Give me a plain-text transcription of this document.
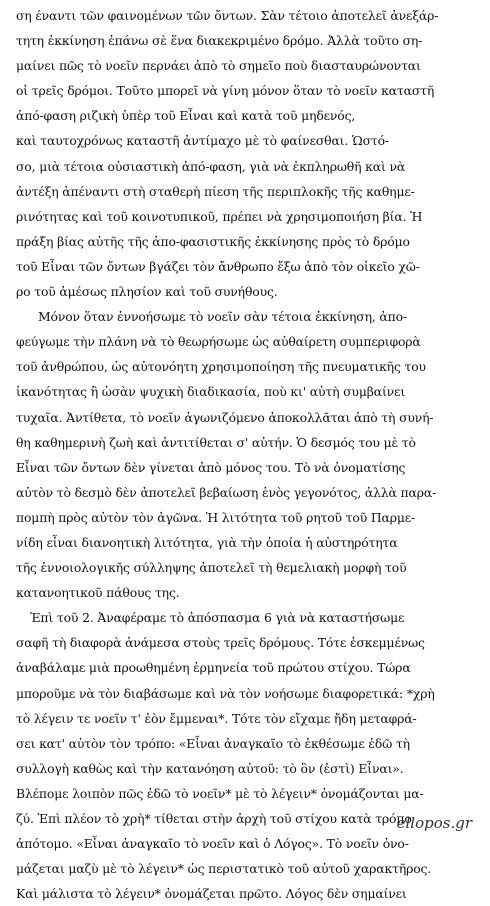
ση έναντι τῶν φαινομένων τῶν ὄντων. Σὰν τέτοιο ἀποτελεῖ ἀνεξάρ-
τητη ἐκκίνηση ἐπάνω σὲ ἕνα διακεκριμένο δρόμο. Ἀλλὰ τοῦτο ση-
μαίνει πῶς τὸ νοεῖν περνάει ἀπὸ τὸ σημεῖο ποὺ διασταυρώνονται
οἱ τρεῖς δρόμοι. Τοῦτο μπορεῖ νὰ γίνη μόνον ὅταν τὸ νοεῖν καταστῆ
ἀπό-φαση ριζικὴ ὑπὲρ τοῦ Εἶναι καὶ κατὰ τοῦ μηδενός,
καὶ ταυτοχρόνως καταστῆ ἀντίμαχο μὲ τὸ φαίνεσθαι. Ὡστό-
σο, μιὰ τέτοια οὐσιαστικὴ ἀπό-φαση, γιὰ νὰ ἐκπληρωθῆ καὶ νὰ
ἀντέξη ἀπέναντι στὴ σταθερὴ πίεση τῆς περιπλοκῆς τῆς καθημε-
ρινότητας καὶ τοῦ κοινοτυπικοῦ, πρέπει νὰ χρησιμοποιήση βία. Ἡ
πράξη βίας αὐτῆς τῆς ἀπο-φασιστικῆς ἐκκίνησης πρὸς τὸ δρόμο
τοῦ Εἶναι τῶν ὄντων βγάζει τὸν ἄνθρωπο ἔξω ἀπὸ τὸν οἰκεῖο χῶ-
ρο τοῦ ἀμέσως πλησίον καὶ τοῦ συνήθους.
Μόνον ὅταν ἐννοήσωμε τὸ νοεῖν σὰν τέτοια ἐκκίνηση, ἀπο-
φεύγωμε τὴν πλάνη νὰ τὸ θεωρήσωμε ὡς αὐθαίρετη συμπεριφορὰ
τοῦ ἀνθρώπου, ὡς αὐτονόητη χρησιμοποίηση τῆς πνευματικῆς του
ἱκανότητας ἢ ὡσὰν ψυχικὴ διαδικασία, ποὺ κι' αὐτὴ συμβαίνει
τυχαῖα. Ἀντίθετα, τὸ νοεῖν ἀγωνιζόμενο ἀποκολλᾶται ἀπὸ τὴ συνή-
θη καθημερινὴ ζωὴ καὶ ἀντιτίθεται σ' αὐτήν. Ὁ δεσμός του μὲ τὸ
Εἶναι τῶν ὄντων δὲν γίνεται ἀπὸ μόνος του. Τὸ νὰ ὀνοματίσης
αὐτὸν τὸ δεσμὸ δὲν ἀποτελεῖ βεβαίωση ἑνὸς γεγονότος, ἀλλὰ παρα-
πομπὴ πρὸς αὐτὸν τὸν ἀγῶνα. Ἡ λιτότητα τοῦ ρητοῦ τοῦ Παρμε-
νίδη εἶναι διανοητικὴ λιτότητα, γιὰ τὴν ὁποία ἡ αὐστηρότητα
τῆς ἐννοιολογικῆς σύλληψης ἀποτελεῖ τὴ θεμελιακὴ μορφὴ τοῦ
κατανοητικοῦ πάθους της.
Ἐπὶ τοῦ 2. Ἀναφέραμε τὸ ἀπόσπασμα 6 γιὰ νὰ καταστήσωμε
σαφῆ τὴ διαφορὰ ἀνάμεσα στοὺς τρεῖς δρόμους. Τότε ἐσκεμμένως
ἀναβάλαμε μιὰ προωθημένη ἑρμηνεία τοῦ πρώτου στίχου. Τώρα
μποροῦμε νὰ τὸν διαβάσωμε καὶ νὰ τὸν νοήσωμε διαφορετικά: *χρὴ
τὸ λέγειν τε νοεῖν τ' ἐὸν ἔμμεναι*. Τότε τὸν εἴχαμε ἤδη μεταφρά-
σει κατ' αὐτὸν τὸν τρόπο: «Εἶναι ἀναγκαῖο τὸ ἐκθέσωμε ἐδῶ τὴ
συλλογὴ καθὼς καὶ τὴν κατανόηση αὐτοῦ: τὸ ὂν (ἐστὶ) Εἶναι».
Βλέπομε λοιπὸν πῶς ἐδῶ τὸ νοεῖν* μὲ τὸ λέγειν* ὀνομάζονται μα-
ζύ. Ἐπὶ πλέον τὸ χρὴ* τίθεται στὴν ἀρχὴ τοῦ στίχου κατὰ τρόπο
ἀπότομο. «Εἶναι ἀναγκαῖο τὸ νοεῖν καὶ ὁ Λόγος». Τὸ νοεῖν ὀνο-
μάζεται μαζὺ μὲ τὸ λέγειν* ὡς περιστατικὸ τοῦ αὐτοῦ χαρακτῆρος.
Καὶ μάλιστα τὸ λέγειν* ὀνομάζεται πρῶτο. Λόγος δὲν σημαίνει
ellopos.gr
